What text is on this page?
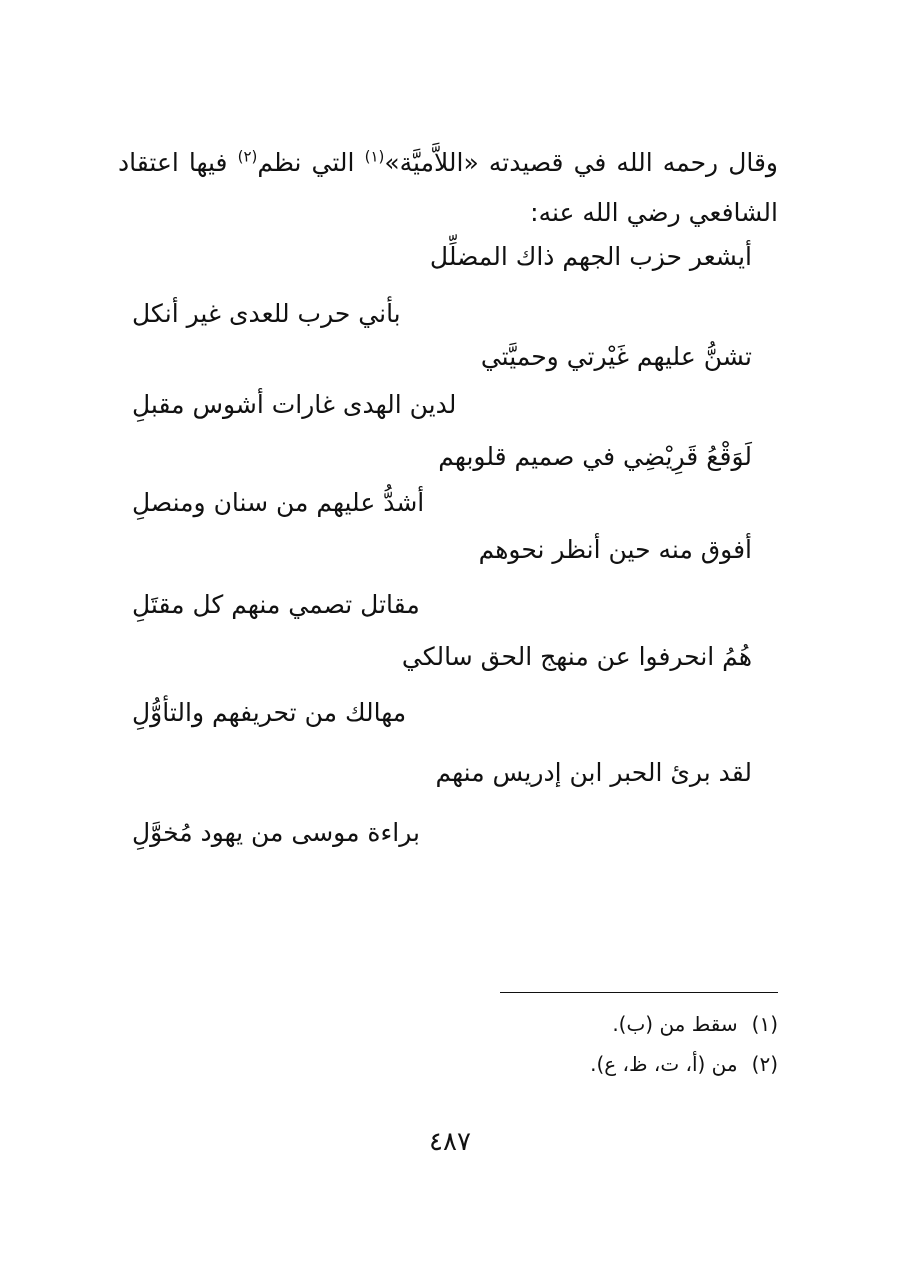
وقال رحمه الله في قصيدته «اللاَّميَّة»$^{(١)}$ التي نظم$^{(٢)}$ فيها اعتقاد الشافعي رضي الله عنه:

أيشعر حزب الجهم ذاك المضلِّل
بأني حرب للعدى غير أنكل
تشنُّ عليهم غَيْرتي وحميَّتي
لدين الهدى غارات أشوس مقبلِ
لَوَقْعُ قَرِيْضِي في صميم قلوبهم
أشدُّ عليهم من سنان ومنصلِ
أفوق منه حين أنظر نحوهم
مقاتل تصمي منهم كل مقتَلِ
هُمُ انحرفوا عن منهج الحق سالكي
مهالك من تحريفهم والتأوُّلِ
لقد برئ الحبر ابن إدريس منهم
براءة موسى من يهود مُخوَّلِ
(١)سقط من (ب).
(٢)من (أ، ت، ظ، ع).
٤٨٧
